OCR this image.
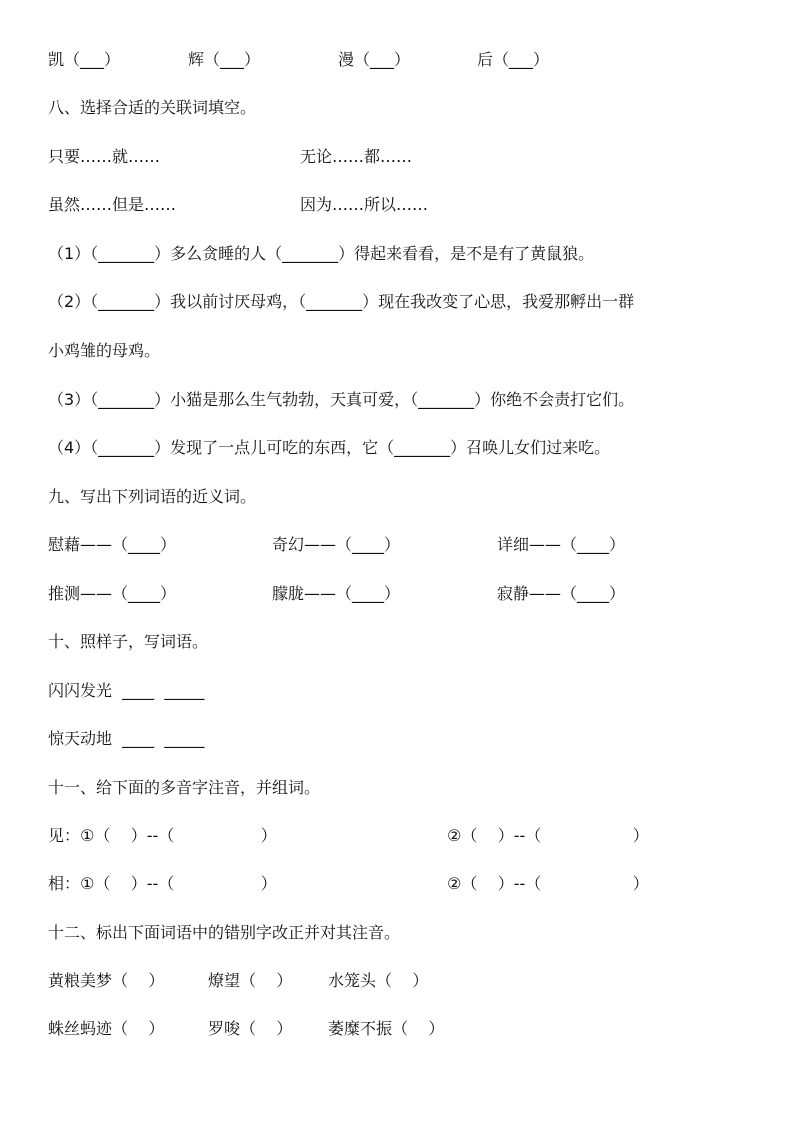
凯（___）	辉（___）	漫（___）	后（___）
八、选择合适的关联词填空。
只要……就……	无论……都……
虽然……但是……	因为……所以……
（1）（_______）多么贪睡的人（_______）得起来看看，是不是有了黄鼠狼。
（2）（_______）我以前讨厌母鸡，（_______）现在我改变了心思，我爱那孵出一群
小鸡雏的母鸡。
（3）（_______）小猫是那么生气勃勃，天真可爱，（_______）你绝不会责打它们。
（4）（_______）发现了一点儿可吃的东西，它（_______）召唤儿女们过来吃。
九、写出下列词语的近义词。
慰藉——（____）	奇幻——（____）	详细——（____）
推测——（____）	朦胧——（____）	寂静——（____）
十、照样子，写词语。
闪闪发光  ____  _____
惊天动地  ____  _____
十一、给下面的多音字注音，并组词。
见：①（    ）--（                 ）	②（    ）--（                  ）
相：①（    ）--（                 ）	②（    ）--（                  ）
十二、标出下面词语中的错别字改正并对其注音。
黄粮美梦（    ）	燎望（    ） 水笼头（    ）
蛛丝蚂迹（    ）	罗唆（    ） 萎糜不振（    ）
